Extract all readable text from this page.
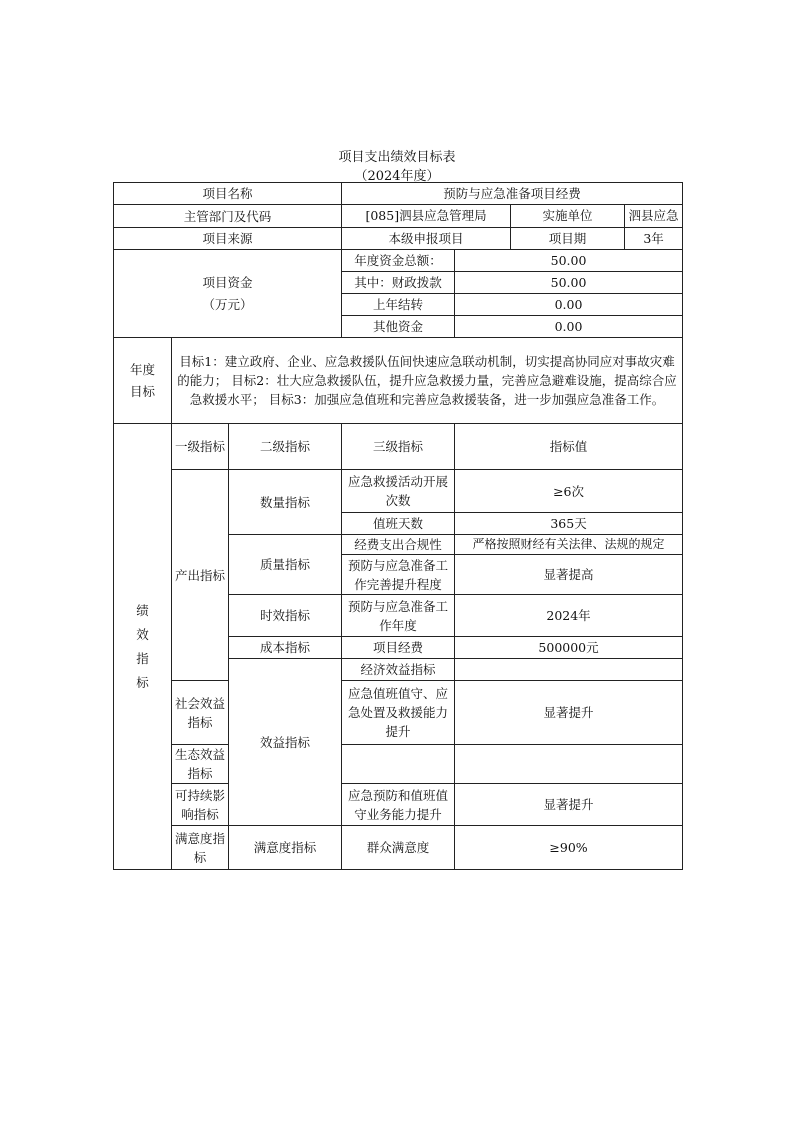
项目支出绩效目标表
（2024年度）
项目名称			预防与应急准备项目经费		
主管部门及代码			[085]泗县应急管理局 实施单位 泗县应急		

项目来源			本级申报项目 项目期 3年		

项目资金
（万元）			年度资金总额：	50.00	
			其中：财政拨款	50.00	
			上年结转	0.00	
			其他资金	0.00	

年度
目标	目标1：建立政府、企业、应急救援队伍间快速应急联动机制，切实提高协同应对事故灾难的能力； 目标2：壮大应急救援队伍，提升应急救援力量，完善应急避难设施，提高综合应急救援水平； 目标3：加强应急值班和完善应急救援装备，进一步加强应急准备工作。				

绩
效
指
标	一级指标	二级指标	三级指标	指标值	
	产出指标	数量指标	应急救援活动开展次数	≥6次	
			值班天数	365天	
		质量指标	经费支出合规性	严格按照财经有关法律、法规的规定	
			预防与应急准备工作完善提升程度	显著提高	
		时效指标	预防与应急准备工作年度	2024年	
		成本指标	项目经费	500000元	
		效益指标	经济效益指标		
	社会效益指标		应急值班值守、应急处置及救援能力提升	显著提升	
	生态效益指标				
	可持续影响指标		应急预防和值班值守业务能力提升	显著提升	
	满意度指标	满意度指标	群众满意度	≥90%	
